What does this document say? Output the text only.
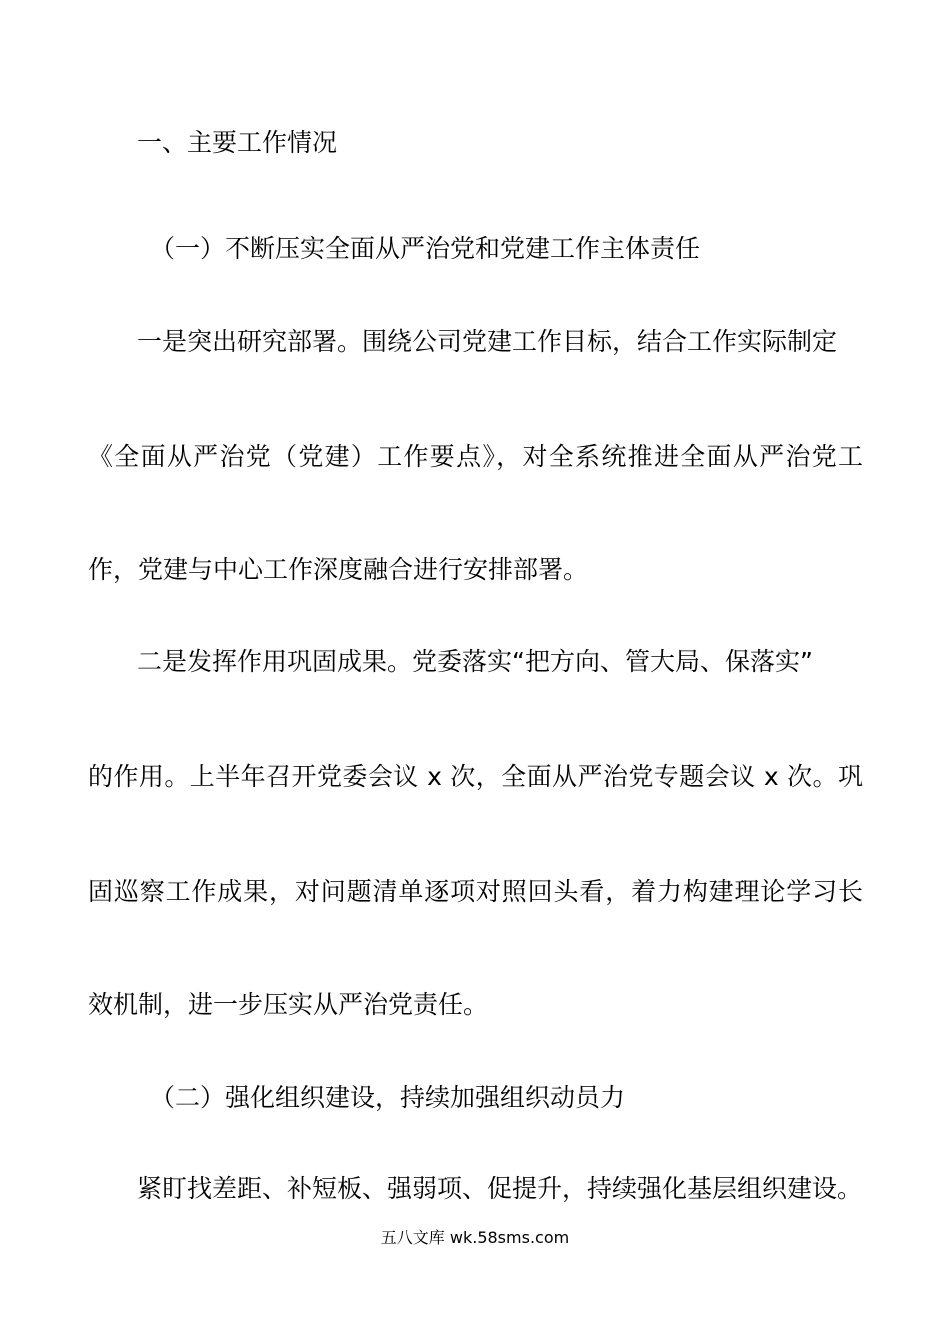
一、主要工作情况
（一）不断压实全面从严治党和党建工作主体责任
一是突出研究部署。围绕公司党建工作目标，结合工作实际制定
《全面从严治党（党建）工作要点》，对全系统推进全面从严治党工
作，党建与中心工作深度融合进行安排部署。
二是发挥作用巩固成果。党委落实“把方向、管大局、保落实”
的作用。上半年召开党委会议 x 次，全面从严治党专题会议 x 次。巩
固巡察工作成果，对问题清单逐项对照回头看，着力构建理论学习长
效机制，进一步压实从严治党责任。
（二）强化组织建设，持续加强组织动员力
紧盯找差距、补短板、强弱项、促提升，持续强化基层组织建设。
五八文库 wk.58sms.com
